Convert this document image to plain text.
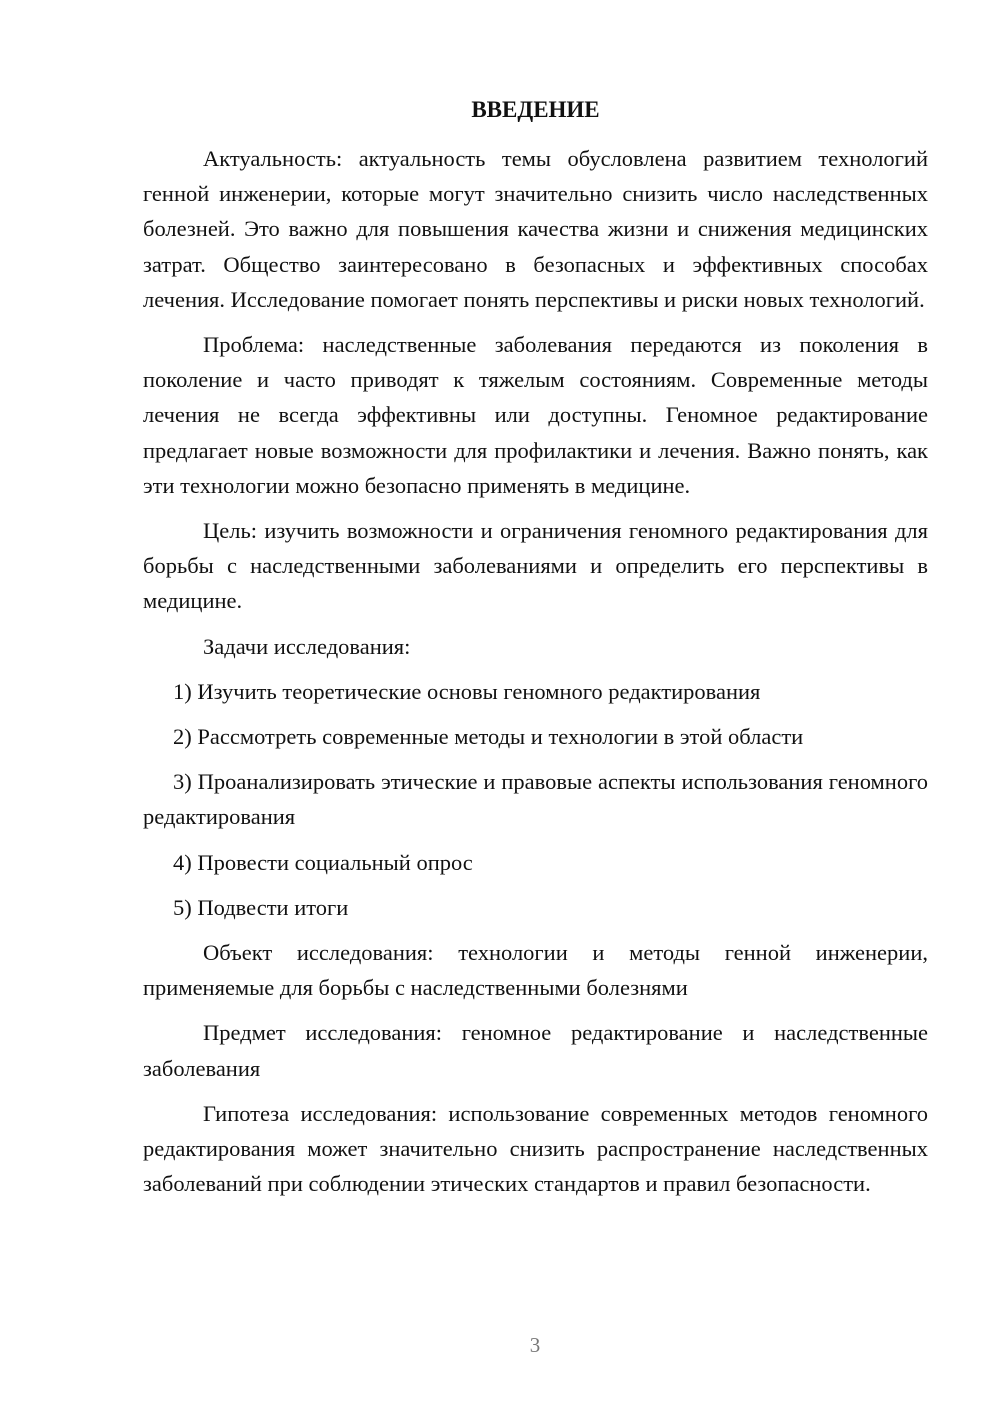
ВВЕДЕНИЕ

Актуальность: актуальность темы обусловлена развитием технологий генной инженерии, которые могут значительно снизить число наследственных болезней. Это важно для повышения качества жизни и снижения медицинских затрат. Общество заинтересовано в безопасных и эффективных способах лечения. Исследование помогает понять перспективы и риски новых технологий.

Проблема: наследственные заболевания передаются из поколения в поколение и часто приводят к тяжелым состояниям. Современные методы лечения не всегда эффективны или доступны. Геномное редактирование предлагает новые возможности для профилактики и лечения. Важно понять, как эти технологии можно безопасно применять в медицине.

Цель: изучить возможности и ограничения геномного редактирования для борьбы с наследственными заболеваниями и определить его перспективы в медицине.

Задачи исследования:

1) Изучить теоретические основы геномного редактирования

2) Рассмотреть современные методы и технологии в этой области

3) Проанализировать этические и правовые аспекты использования геномного редактирования

4) Провести социальный опрос

5) Подвести итоги

Объект исследования: технологии и методы генной инженерии, применяемые для борьбы с наследственными болезнями

Предмет исследования: геномное редактирование и наследственные заболевания

Гипотеза исследования: использование современных методов геномного редактирования может значительно снизить распространение наследственных заболеваний при соблюдении этических стандартов и правил безопасности.

3
